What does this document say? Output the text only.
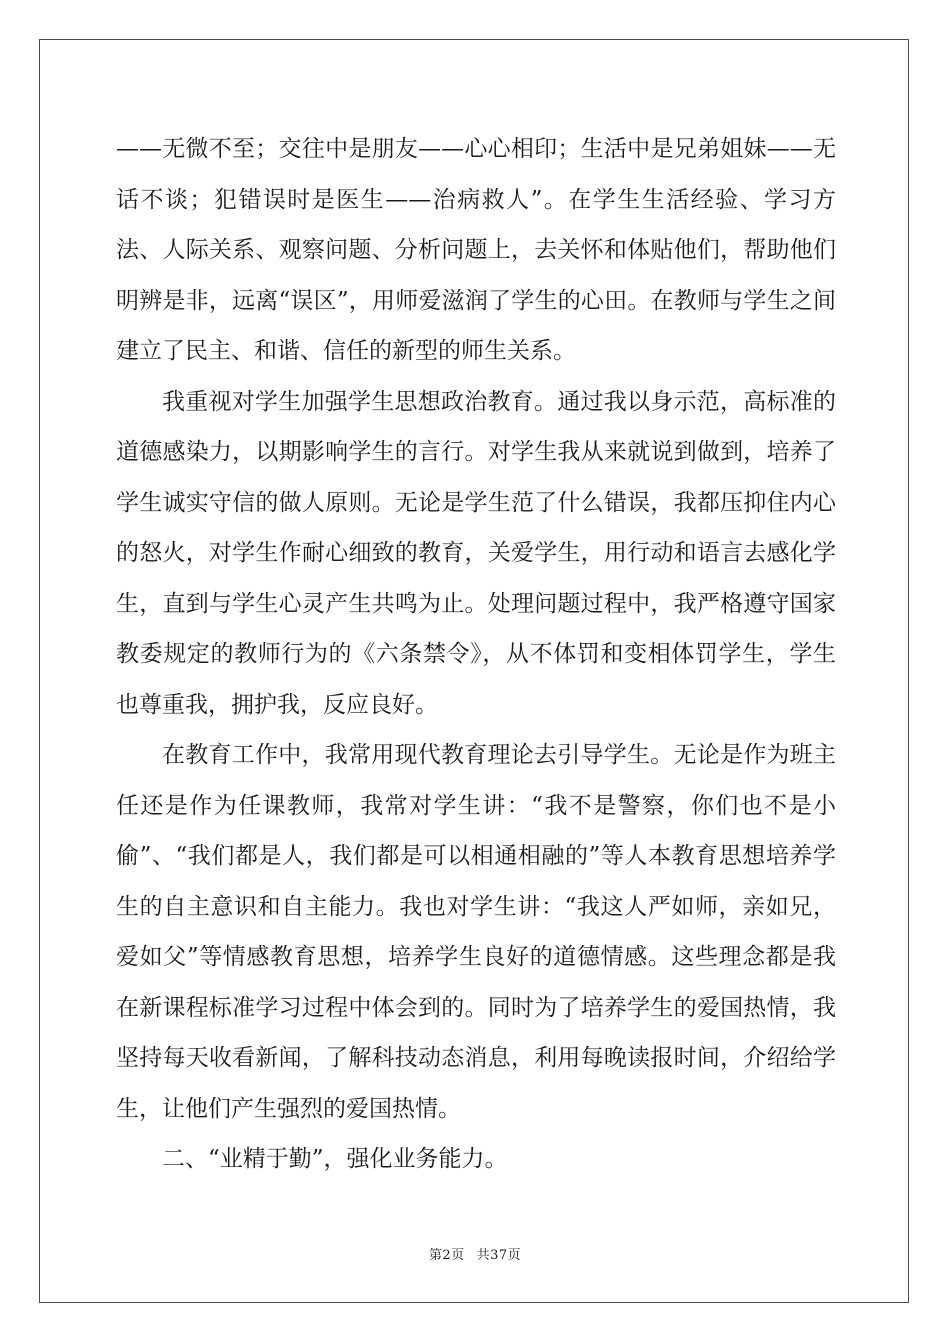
——无微不至；交往中是朋友——心心相印；生活中是兄弟姐妹——无话不谈；犯错误时是医生——治病救人”。在学生生活经验、学习方法、人际关系、观察问题、分析问题上，去关怀和体贴他们，帮助他们明辨是非，远离“误区”，用师爱滋润了学生的心田。在教师与学生之间建立了民主、和谐、信任的新型的师生关系。

我重视对学生加强学生思想政治教育。通过我以身示范，高标准的道德感染力，以期影响学生的言行。对学生我从来就说到做到，培养了学生诚实守信的做人原则。无论是学生范了什么错误，我都压抑住内心的怒火，对学生作耐心细致的教育，关爱学生，用行动和语言去感化学生，直到与学生心灵产生共鸣为止。处理问题过程中，我严格遵守国家教委规定的教师行为的《六条禁令》，从不体罚和变相体罚学生，学生也尊重我，拥护我，反应良好。

在教育工作中，我常用现代教育理论去引导学生。无论是作为班主任还是作为任课教师，我常对学生讲：“我不是警察，你们也不是小偷”、“我们都是人，我们都是可以相通相融的”等人本教育思想培养学生的自主意识和自主能力。我也对学生讲：“我这人严如师，亲如兄，爱如父”等情感教育思想，培养学生良好的道德情感。这些理念都是我在新课程标准学习过程中体会到的。同时为了培养学生的爱国热情，我坚持每天收看新闻，了解科技动态消息，利用每晚读报时间，介绍给学生，让他们产生强烈的爱国热情。

二、“业精于勤”，强化业务能力。

第2页 共37页
